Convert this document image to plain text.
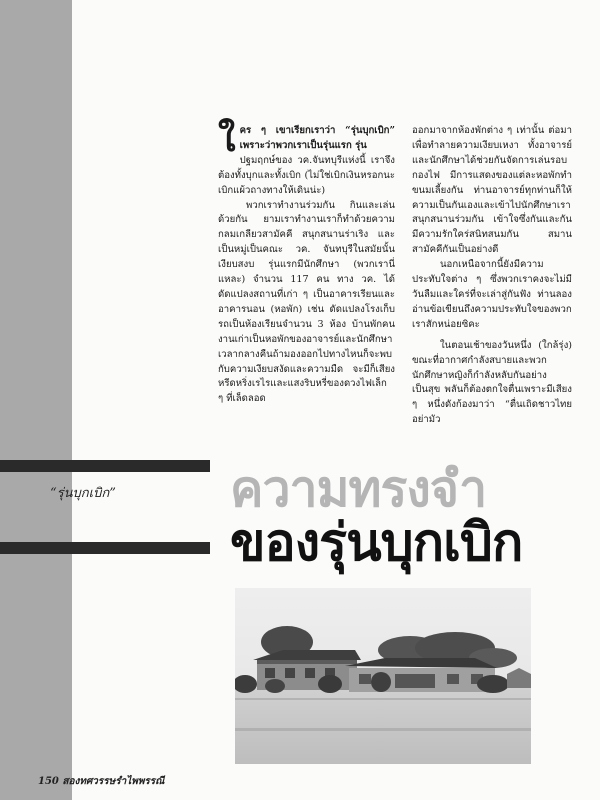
ใคร ๆ เขาเรียกเราว่า “รุ่นบุกเบิก” เพราะว่าพวกเราเป็นรุ่นแรก รุ่น

ปฐมฤกษ์ของ วค.จันทบุรีแห่งนี้ เราจึงต้องทั้งบุกและทั้งเบิก (ไม่ใช่เบิกเงินหรอกนะ เบิกแผ้วถางทางให้เดินน่ะ)

พวกเราทำงานร่วมกัน กินและเล่นด้วยกัน ยามเราทำงานเราก็ทำด้วยความกลมเกลียวสามัคคี สนุกสนานร่าเริง และเป็นหมู่เป็นคณะ วค. จันทบุรีในสมัยนั้นเงียบสงบ รุ่นแรกมีนักศึกษา (พวกเรานี่แหละ) จำนวน 117 คน ทาง วค. ได้ดัดแปลงสถานที่เก่า ๆ เป็นอาคารเรียนและอาคารนอน (หอพัก) เช่น ดัดแปลงโรงเก็บรถเป็นห้องเรียนจำนวน 3 ห้อง บ้านพักคนงานเก่าเป็นหอพักของอาจารย์และนักศึกษา เวลากลางคืนถ้ามองออกไปทางไหนก็จะพบกับความเงียบสงัดและความมืด จะมีก็เสียงหรีดหริ่งเรไรและแสงริบหรี่ของดวงไฟเล็ก ๆ ที่เล็ดลอด

ออกมาจากห้องพักต่าง ๆ เท่านั้น ต่อมาเพื่อทำลายความเงียบเหงา ทั้งอาจารย์และนักศึกษาได้ช่วยกันจัดการเล่นรอบกองไฟ มีการแสดงของแต่ละหอพักทำขนมเลี้ยงกัน ท่านอาจารย์ทุกท่านก็ให้ความเป็นกันเองและเข้าไปนักศึกษาเราสนุกสนานร่วมกัน เข้าใจซึ่งกันและกัน มีความรักใคร่สนิทสนมกัน สมานสามัคคีกันเป็นอย่างดี

นอกเหนือจากนี้ยังมีความประทับใจต่าง ๆ ซึ่งพวกเราคงจะไม่มีวันลืมและใคร่ที่จะเล่าสู่กันฟัง ท่านลองอ่านข้อเขียนถึงความประทับใจของพวกเราสักหน่อยซิคะ

ในตอนเช้าของวันหนึ่ง (ใกล้รุ่ง) ขณะที่อากาศกำลังสบายและพวกนักศึกษาหญิงก็กำลังหลับกันอย่างเป็นสุข พลันก็ต้องตกใจตื่นเพราะมีเสียง ๆ หนึ่งดังก้องมาว่า “ตื่นเถิดชาวไทย อย่ามัว

“รุ่นบุกเบิก” ความทรงจำ
ของรุ่นบุกเบิก
150 สองทศวรรษรำไพพรรณี
